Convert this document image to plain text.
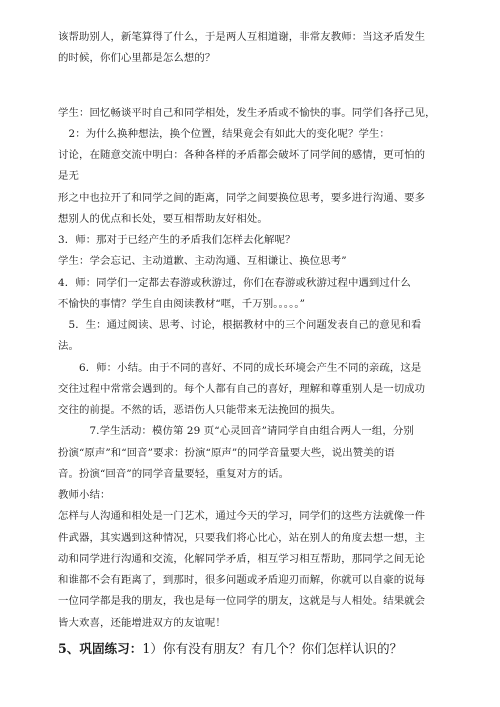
该帮助别人，新笔算得了什么，于是两人互相道谢，非常友教师：当这矛盾发生
的时候，你们心里都是怎么想的？
学生：回忆畅谈平时自己和同学相处，发生矛盾或不愉快的事。同学们各抒己见，
　2：为什么换种想法，换个位置，结果竟会有如此大的变化呢？学生：
讨论，在随意交流中明白：各种各样的矛盾都会破坏了同学间的感情，更可怕的
是无
形之中也拉开了和同学之间的距离，同学之间要换位思考，要多进行沟通、要多
想别人的优点和长处，要互相帮助友好相处。
3．师：那对于已经产生的矛盾我们怎样去化解呢？
学生：学会忘记、主动道歉、主动沟通、互相谦让、换位思考”
4．师：同学们一定都去春游或秋游过，你们在春游或秋游过程中遇到过什么
不愉快的事情？学生自由阅读教材“哐，千万别。。。。。”
　5．生：通过阅读、思考、讨论，根据教材中的三个问题发表自己的意见和看
法。
　　6．师：小结。由于不同的喜好、不同的成长环境会产生不同的亲疏，这是
交往过程中常常会遇到的。每个人都有自己的喜好，理解和尊重别人是一切成功
交往的前提。不然的话，恶语伤人只能带来无法挽回的损失。
　　　7.学生活动：模仿第 29 页“心灵回音”请同学自由组合两人一组，分别
扮演“原声”和“回音”要求：扮演“原声”的同学音量要大些，说出赞美的语
音。扮演“回音”的同学音量要轻，重复对方的话。
教师小结：
怎样与人沟通和相处是一门艺术，通过今天的学习，同学们的这些方法就像一件
件武器，其实遇到这种情况，只要我们将心比心，站在别人的角度去想一想，主
动和同学进行沟通和交流，化解同学矛盾，相互学习相互帮助，那同学之间无论
和谁都不会有距离了，到那时，很多问题或矛盾迎刃而解，你就可以自豪的说每
一位同学都是我的朋友，我也是每一位同学的朋友，这就是与人相处。结果就会
皆大欢喜，还能增进双方的友谊呢！
5、巩固练习：1）你有没有朋友？有几个？你们怎样认识的？
